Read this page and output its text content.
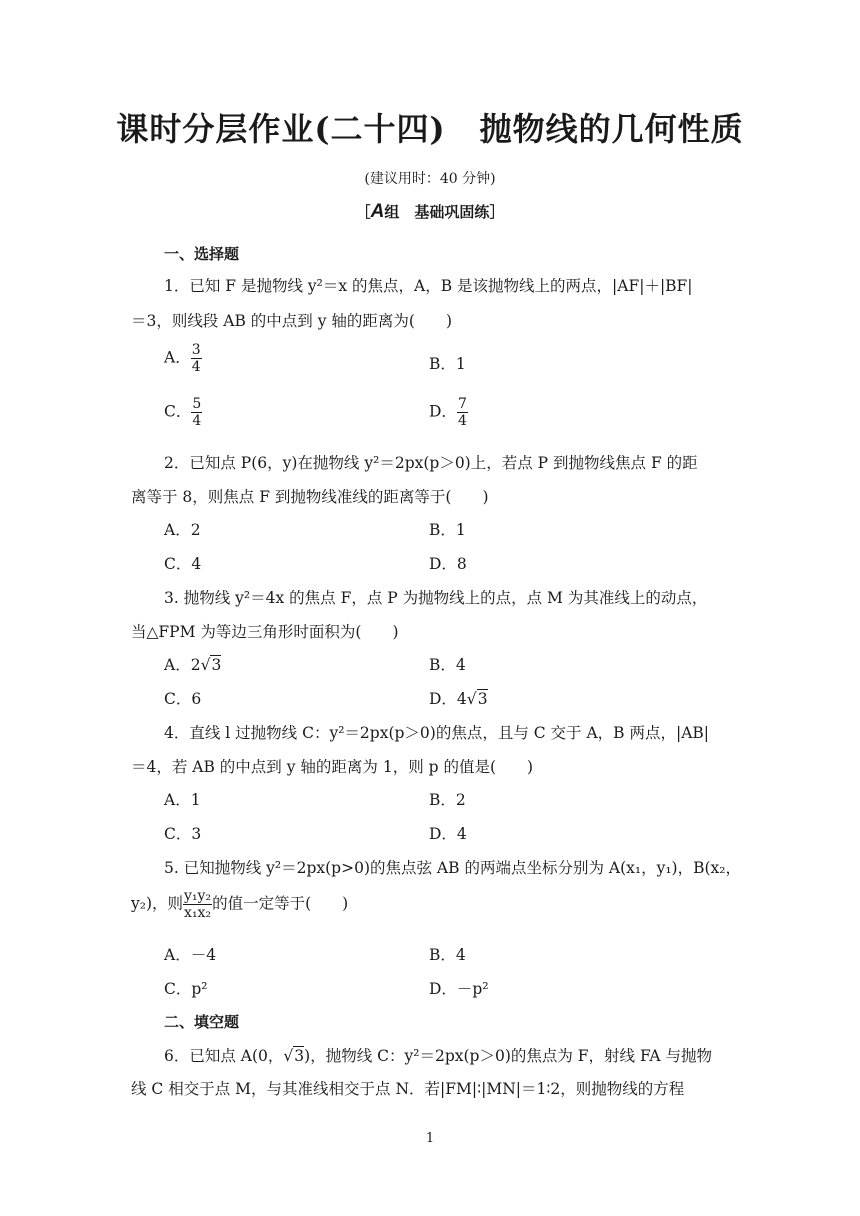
课时分层作业(二十四) 抛物线的几何性质
(建议用时：40 分钟)
［A组　基础巩固练］
一、选择题
1．已知 F 是抛物线 y²＝x 的焦点，A，B 是该抛物线上的两点，|AF|＋|BF|
＝3，则线段 AB 的中点到 y 轴的距离为(　　)
A． $\frac{3}{4}$	B．1
C． $\frac{5}{4}$	D． $\frac{7}{4}$
2．已知点 P(6，y)在抛物线 y²＝2px(p＞0)上，若点 P 到抛物线焦点 F 的距
离等于 8，则焦点 F 到抛物线准线的距离等于(　　)
A．2	B．1
C．4	D．8
3. 抛物线 y²＝4x 的焦点 F，点 P 为抛物线上的点，点 M 为其准线上的动点，
当△FPM 为等边三角形时面积为(　　)
A．2√3	B．4
C．6	D．4√3
4．直线 l 过抛物线 C：y²＝2px(p＞0)的焦点，且与 C 交于 A，B 两点，|AB|
＝4，若 AB 的中点到 y 轴的距离为 1，则 p 的值是(　　)
A．1	B．2
C．3	D．4
5. 已知抛物线 y²＝2px(p>0)的焦点弦 AB 的两端点坐标分别为 A(x₁，y₁)，B(x₂，
y₂)，则 $\frac{\text{y₁y₂}}{\text{x₁x₂}}$ 的值一定等于(　　)
A．－4	B．4
C．p²	D．－p²
二、填空题
6．已知点 A(0，√3)，抛物线 C：y²＝2px(p＞0)的焦点为 F，射线 FA 与抛物
线 C 相交于点 M，与其准线相交于点 N．若|FM|∶|MN|＝1∶2，则抛物线的方程
1
